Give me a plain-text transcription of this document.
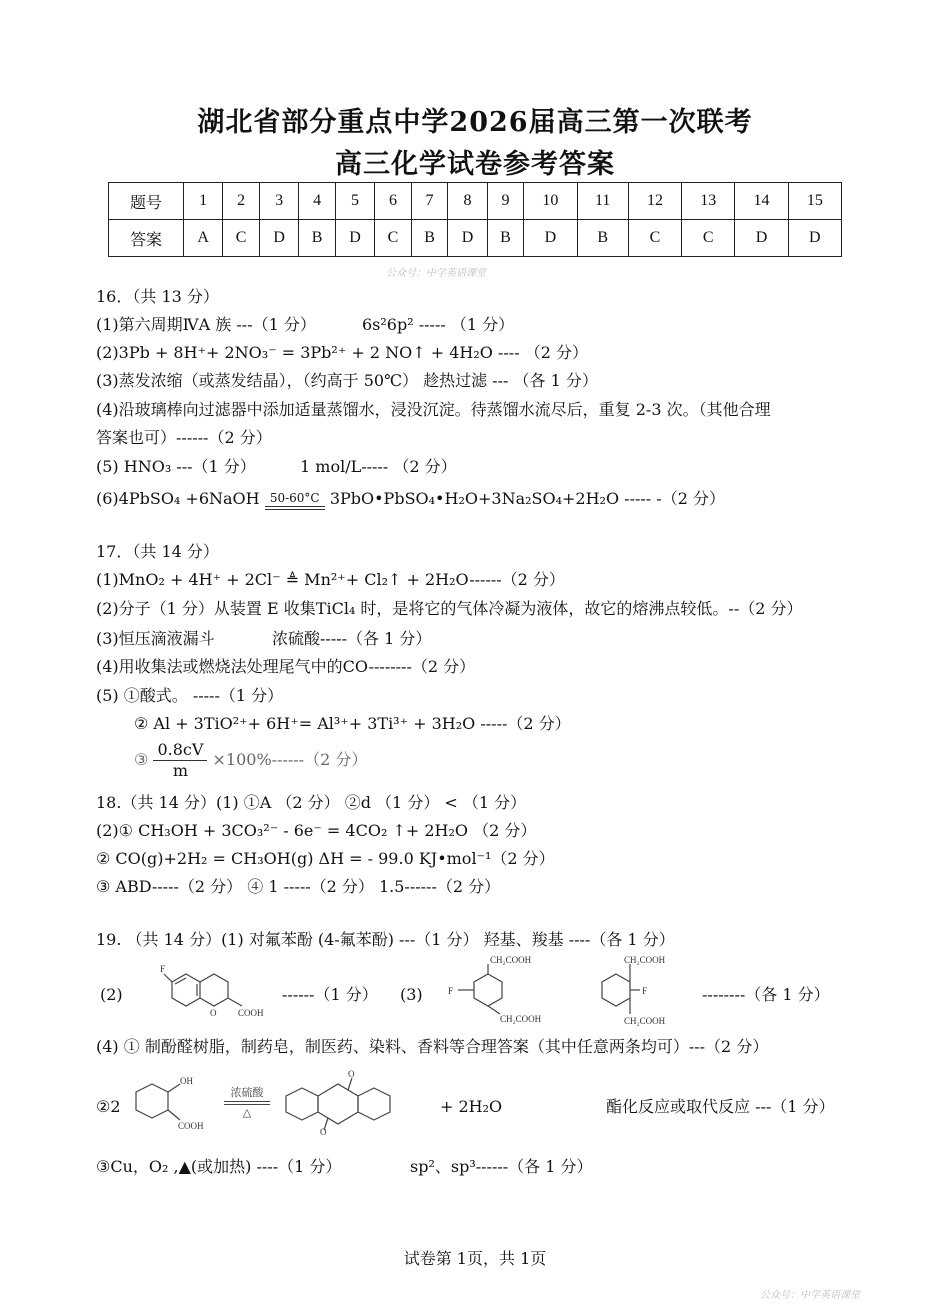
湖北省部分重点中学2026届高三第一次联考
高三化学试卷参考答案
题号	1	2	3	4	5	6	7	8	9	10	11	12	13	14	15
答案	A	C	D	B	D	C	B	D	B	D	B	C	C	D	D
公众号：中学英语课堂
16．（共 13 分）
(1)第六周期ⅣA 族 ---（1 分）	6s²6p² ----- （1 分）
(2)3Pb + 8H⁺+ 2NO₃⁻ = 3Pb²⁺ + 2 NO↑ + 4H₂O ---- （2 分）
(3)蒸发浓缩（或蒸发结晶），（约高于 50℃） 趁热过滤 --- （各 1 分）
(4)沿玻璃棒向过滤器中添加适量蒸馏水，浸没沉淀。待蒸馏水流尽后，重复 2-3 次。（其他合理
答案也可）------（2 分）
(5) HNO₃ ---（1 分）	1 mol/L----- （2 分）
(6)4PbSO₄ +6NaOH 50-60°C 3PbO•PbSO₄•H₂O+3Na₂SO₄+2H₂O ----- -（2 分）
17．（共 14 分）
(1)MnO₂ + 4H⁺ + 2Cl⁻ ≜ Mn²⁺+ Cl₂↑ + 2H₂O------（2 分）
(2)分子（1 分）从装置 E 收集TiCl₄ 时，是将它的气体冷凝为液体，故它的熔沸点较低。--（2 分）
(3)恒压滴液漏斗	浓硫酸-----（各 1 分）
(4)用收集法或燃烧法处理尾气中的CO--------（2 分）
(5) ①酸式。 -----（1 分）
② Al + 3TiO²⁺+ 6H⁺= Al³⁺+ 3Ti³⁺ + 3H₂O -----（2 分）
③ $\frac{0.8cV}{m} \times 100\%------(2$ 分）
18.（共 14 分）(1) ①A （2 分） ②d （1 分） < （1 分）
(2)① CH₃OH + 3CO₃²⁻ - 6e⁻ = 4CO₂ ↑+ 2H₂O （2 分）
② CO(g)+2H₂ = CH₃OH(g) ΔH = - 99.0 KJ•mol⁻¹（2 分）
③ ABD-----（2 分） ④ 1 -----（2 分） 1.5------（2 分）
19. （共 14 分）(1) 对氟苯酚 (4-氟苯酚) ---（1 分） 羟基、羧基 ----（各 1 分）
(2)
F
O COOH
------（1 分） (3)
CH₂COOH
CH₂COOH
F
CH₂COOH
F
CH₂COOH
--------（各 1 分）
(4) ① 制酚醛树脂，制药皂，制医药、染料、香料等合理答案（其中任意两条均可）---（2 分）
②2
OH
COOH
浓硫酸
△
O
O
+ 2H₂O	酯化反应或取代反应 ---（1 分）
③Cu，O₂ ,▲(或加热) ----（1 分）	sp²、sp³------（各 1 分）
试卷第 1页，共 1页
公众号：中学英语课堂
